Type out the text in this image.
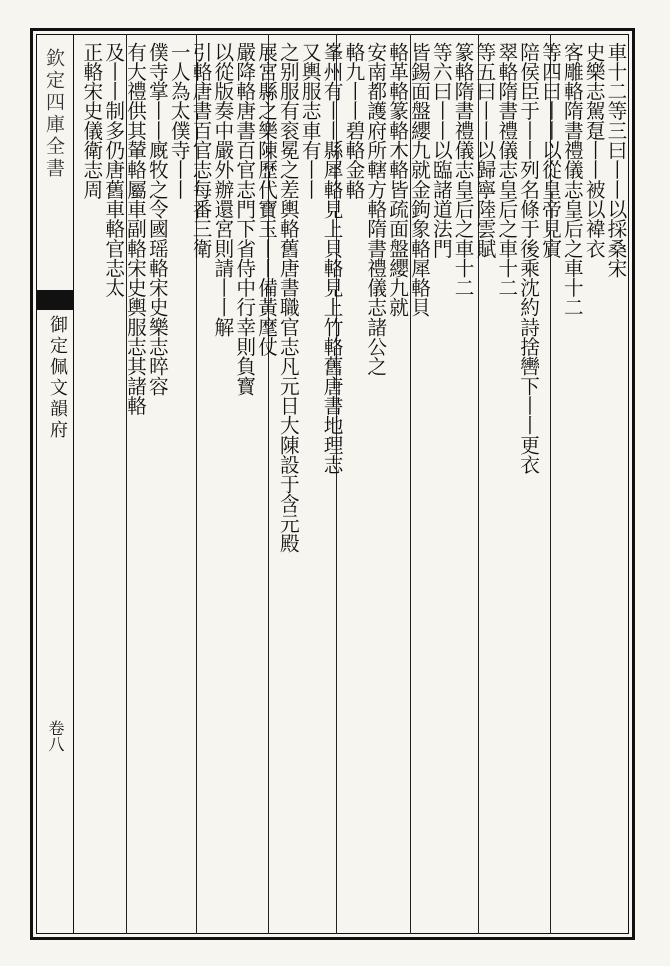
欽定四庫全書
御定佩文韻府
卷八
車十二等三曰丨丨以採桑宋
史樂志駕𨀂丨丨被以褘衣
客雕輅隋書禮儀志皇后之車十二
等四曰丨丨以從皇帝見賔
陪侯臣于丨丨列名條于後乘沈約詩捨轡下丨丨更衣
翠輅隋書禮儀志皇后之車十二
等五曰丨丨以歸寧陸雲賦
篆輅隋書禮儀志皇后之車十二
等六曰丨丨以臨諸道法門
皆錫面盤纓九就金鉤象輅犀輅貝
輅革輅篆輅木輅皆疏面盤纓九就
安南都護府所轄方輅隋書禮儀志諸公之
輅九丨丨碧輅金輅
峯州有丨丨縣犀輅見上貝輅見上竹輅舊唐書地理志
又輿服志車有丨丨
之别服有衮冕之差輿輅舊唐書職官志凡元日大陳設于含元殿
展宮縣之樂陳歷代寶玉丨丨備黃麾仗
嚴降輅唐書百官志門下省侍中行幸則負寳
以從版奏中嚴外辦還宮則請丨丨解
引輅唐書百官志每番三衛
一人為太僕寺丨丨
僕寺掌丨丨廐牧之令國瑶輅宋史樂志晬容
有大禮供其輦輅屬車副輅宋史輿服志其諸輅
及丨丨制多仍唐舊車輅官志太
正輅宋史儀衛志周
